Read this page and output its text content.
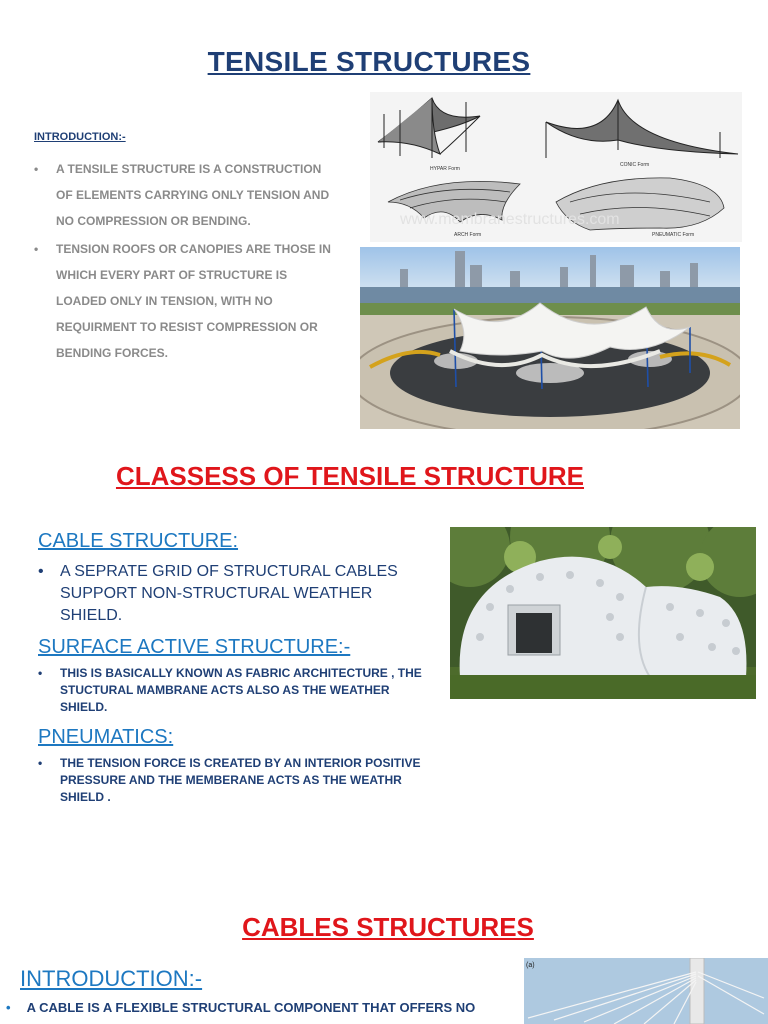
TENSILE STRUCTURES
INTRODUCTION:-
• A TENSILE STRUCTURE IS A CONSTRUCTION OF ELEMENTS CARRYING ONLY TENSION AND NO COMPRESSION OR BENDING.
• TENSION ROOFS OR CANOPIES ARE THOSE IN WHICH EVERY PART OF STRUCTURE IS LOADED ONLY IN TENSION, WITH NO REQUIRMENT TO RESIST COMPRESSION OR BENDING FORCES.
HYPAR Form
CONIC Form
ARCH Form	PNEUMATIC Form
www.membranestructures.com
CLASSESS OF TENSILE STRUCTURE
CABLE STRUCTURE:
• A SEPRATE GRID OF STRUCTURAL CABLES SUPPORT NON-STRUCTURAL WEATHER SHIELD.
SURFACE ACTIVE STRUCTURE:-
• THIS IS BASICALLY KNOWN AS FABRIC ARCHITECTURE , THE STUCTURAL MAMBRANE ACTS ALSO AS THE WEATHER SHIELD.
PNEUMATICS:
• THE TENSION FORCE IS CREATED BY AN INTERIOR POSITIVE PRESSURE AND THE MEMBERANE ACTS AS THE WEATHR SHIELD .
CABLES STRUCTURES
INTRODUCTION:-
• A CABLE IS A FLEXIBLE STRUCTURAL COMPONENT THAT OFFERS NO
(a)
